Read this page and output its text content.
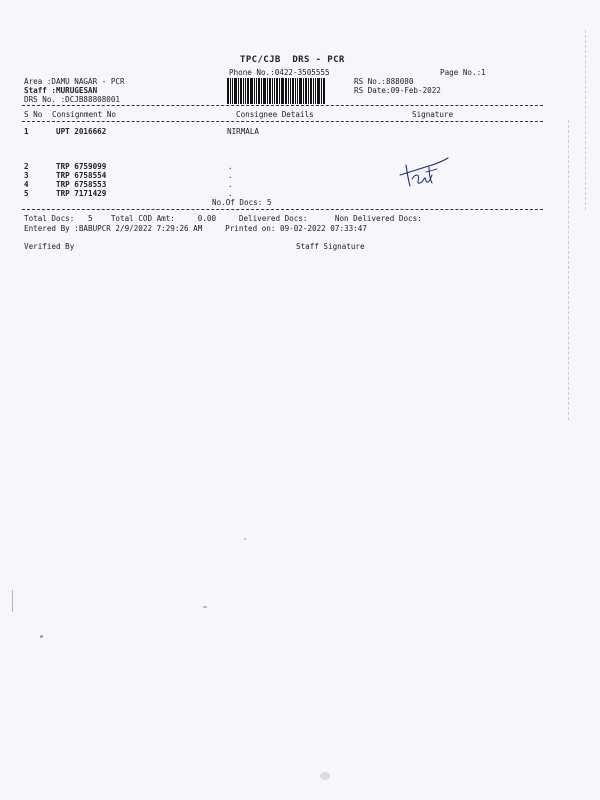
TPC/CJB  DRS - PCR
Phone No.:0422-3505555	Page No.:1
Area :DAMU NAGAR - PCR
Staff :MURUGESAN
DRS No. :DCJB88808001
RS No.:888080
RS Date:09-Feb-2022
S No Consignment No	Consignee Details	Signature
1	UPT 2016662	NIRMALA
2	TRP 6759099	.
3	TRP 6758554	.
4	TRP 6758553	.
5	TRP 7171429	.
No.Of Docs: 5
Total Docs:   5    Total COD Amt:     0.00     Delivered Docs:      Non Delivered Docs:
Entered By :BABUPCR 2/9/2022 7:29:26 AM     Printed on: 09-02-2022 07:33:47
Verified By	Staff Signature
